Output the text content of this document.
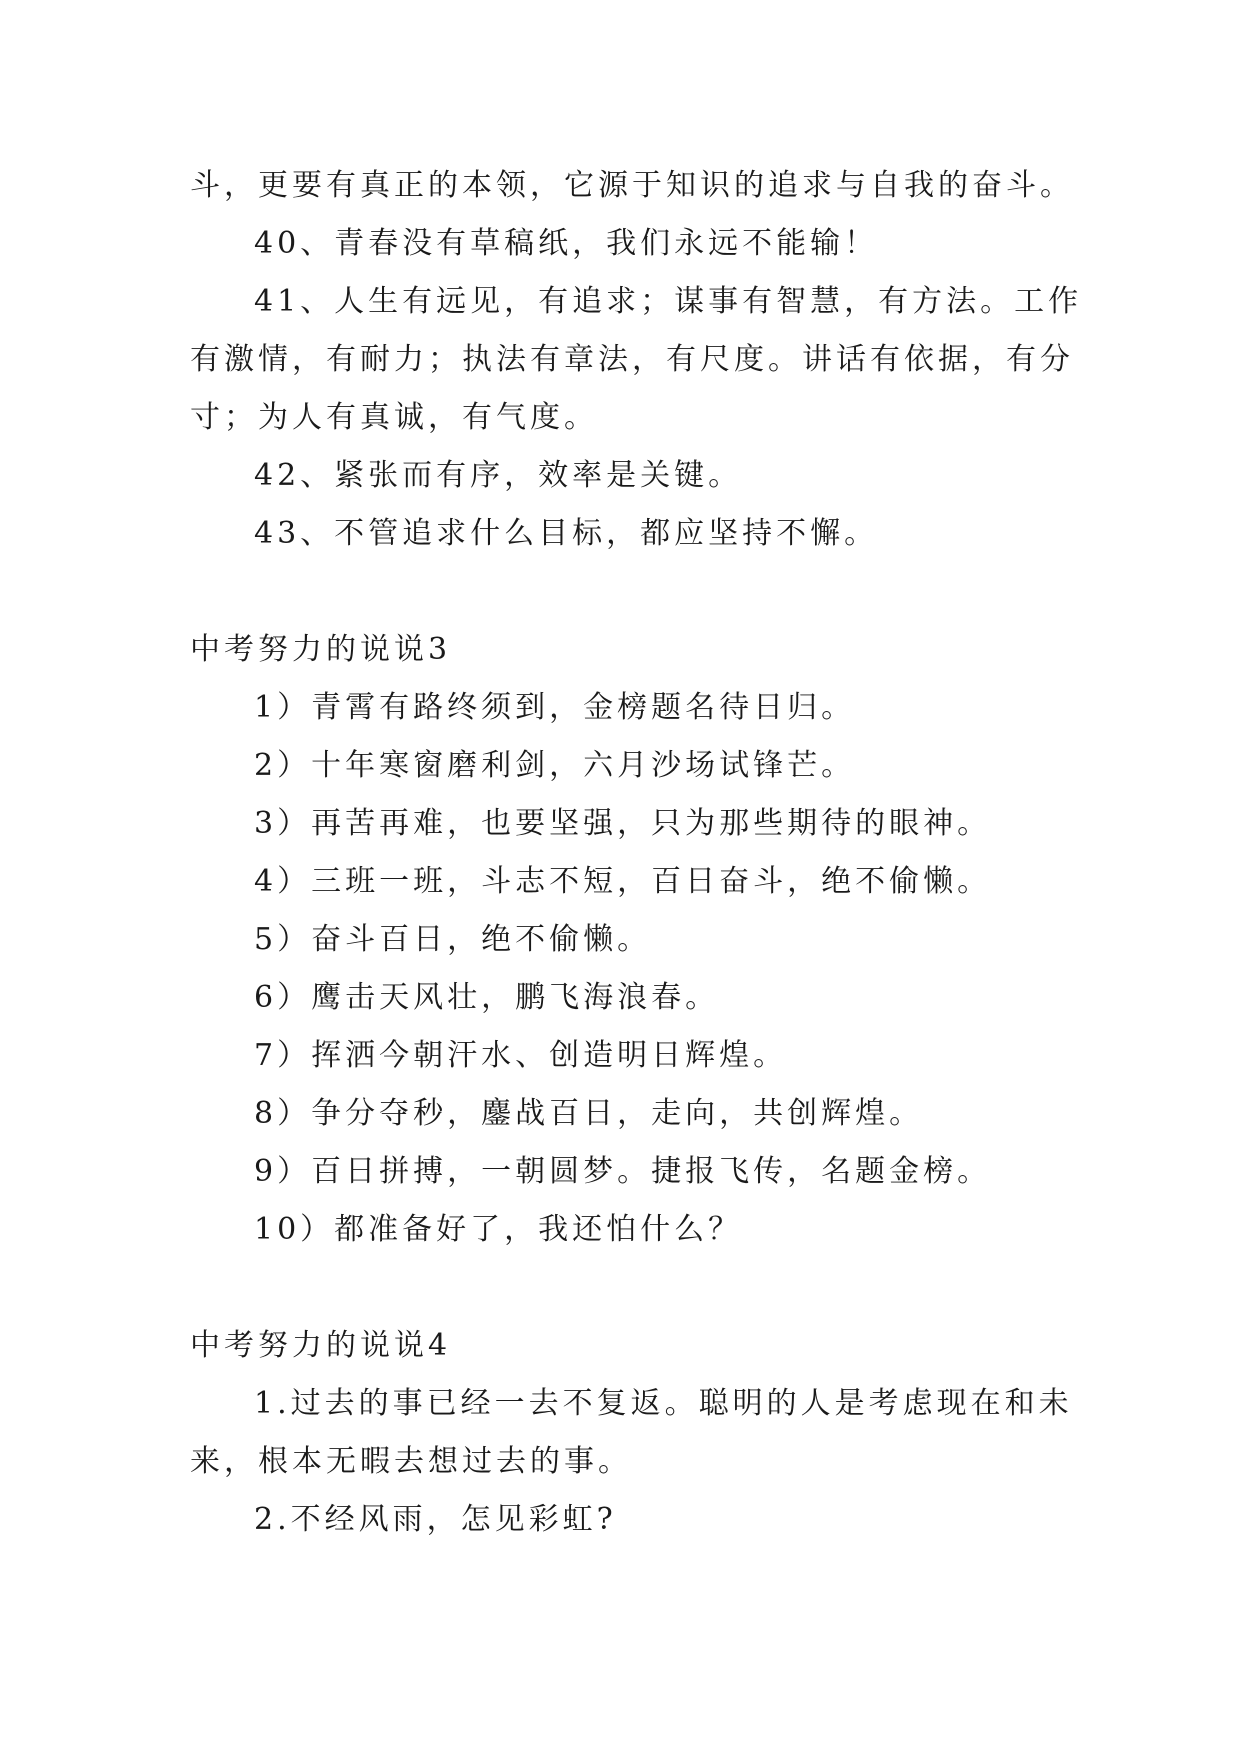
斗，更要有真正的本领，它源于知识的追求与自我的奋斗。
40、青春没有草稿纸，我们永远不能输！
41、人生有远见，有追求；谋事有智慧，有方法。工作
有激情，有耐力；执法有章法，有尺度。讲话有依据，有分
寸；为人有真诚，有气度。
42、紧张而有序，效率是关键。
43、不管追求什么目标，都应坚持不懈。
中考努力的说说3
1）青霄有路终须到，金榜题名待日归。
2）十年寒窗磨利剑，六月沙场试锋芒。
3）再苦再难，也要坚强，只为那些期待的眼神。
4）三班一班，斗志不短，百日奋斗，绝不偷懒。
5）奋斗百日，绝不偷懒。
6）鹰击天风壮，鹏飞海浪春。
7）挥洒今朝汗水、创造明日辉煌。
8）争分夺秒，鏖战百日，走向，共创辉煌。
9）百日拼搏，一朝圆梦。捷报飞传，名题金榜。
10）都准备好了，我还怕什么？
中考努力的说说4
1.过去的事已经一去不复返。聪明的人是考虑现在和未
来，根本无暇去想过去的事。
2.不经风雨，怎见彩虹?
